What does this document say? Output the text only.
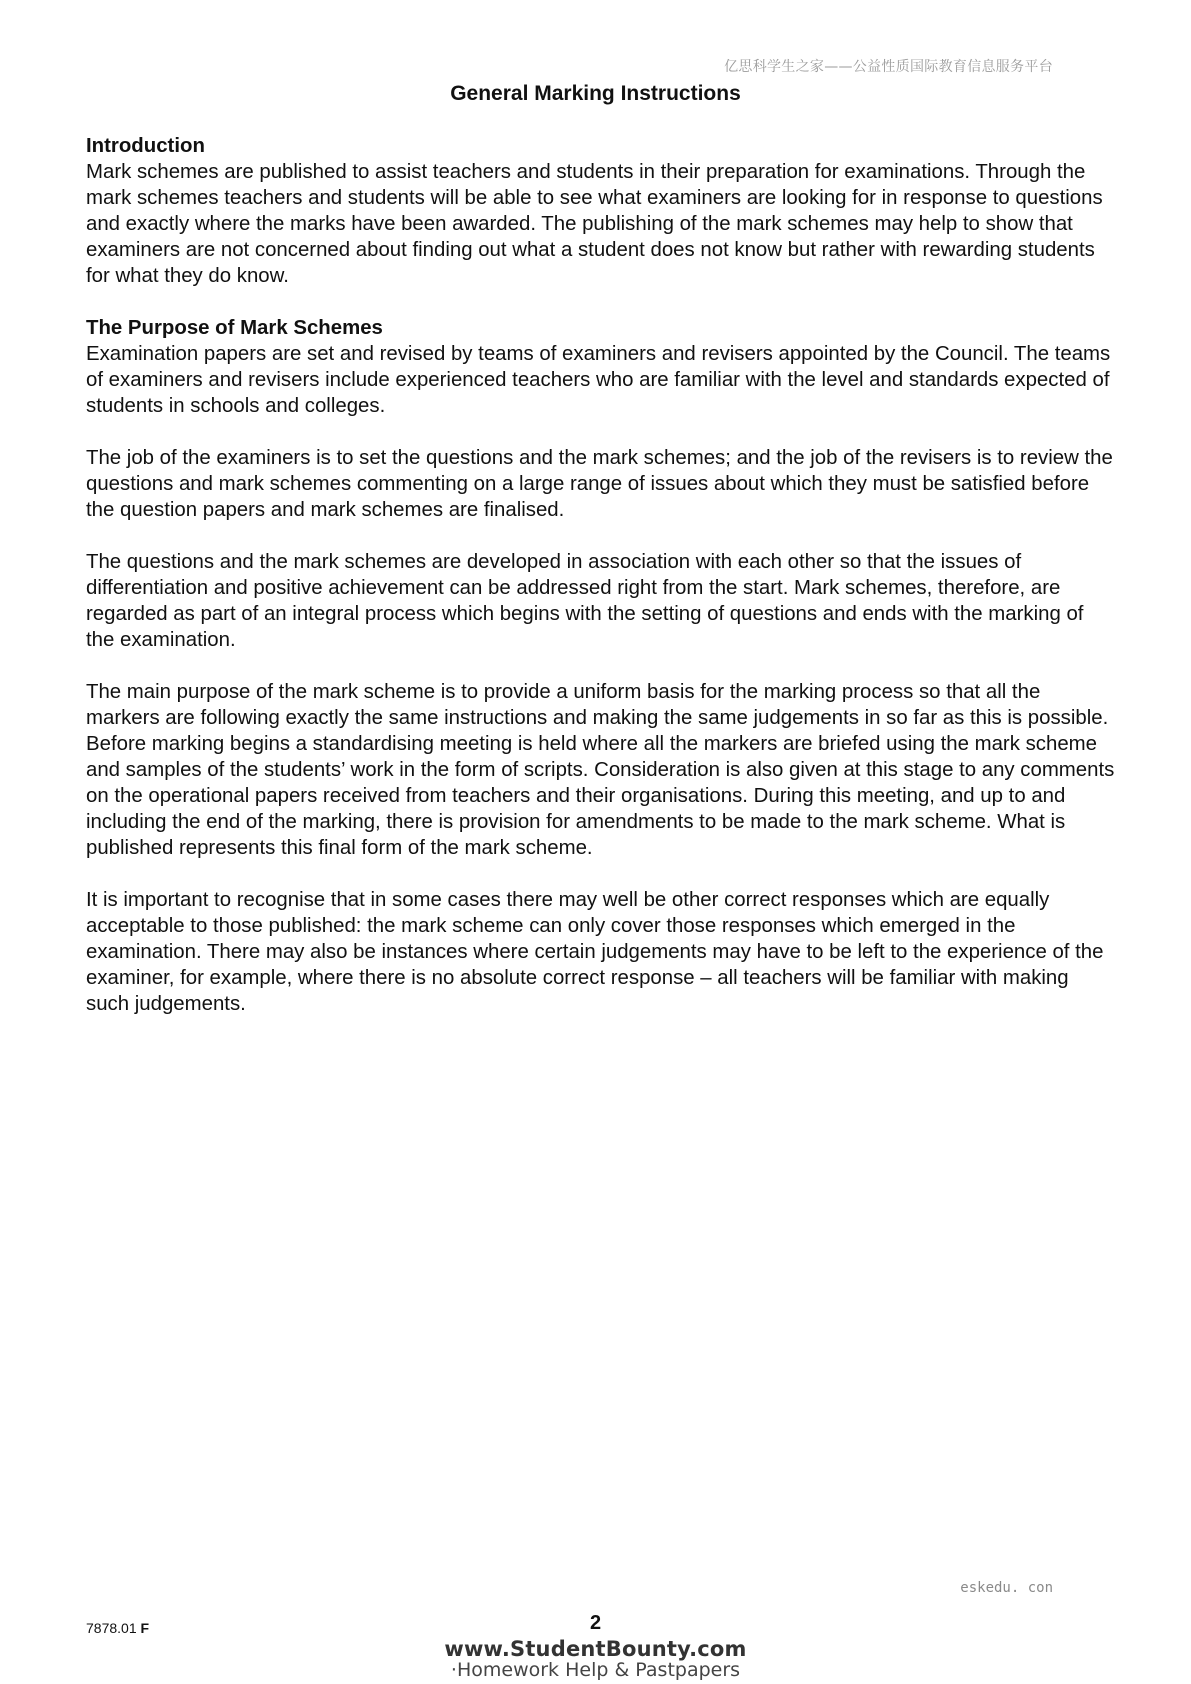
亿思科学生之家——公益性质国际教育信息服务平台
General Marking Instructions

Introduction

Mark schemes are published to assist teachers and students in their preparation for examinations. Through the mark schemes teachers and students will be able to see what examiners are looking for in response to questions and exactly where the marks have been awarded. The publishing of the mark schemes may help to show that examiners are not concerned about finding out what a student does not know but rather with rewarding students for what they do know.

The Purpose of Mark Schemes

Examination papers are set and revised by teams of examiners and revisers appointed by the Council. The teams of examiners and revisers include experienced teachers who are familiar with the level and standards expected of students in schools and colleges.

The job of the examiners is to set the questions and the mark schemes; and the job of the revisers is to review the questions and mark schemes commenting on a large range of issues about which they must be satisfied before the question papers and mark schemes are finalised.

The questions and the mark schemes are developed in association with each other so that the issues of differentiation and positive achievement can be addressed right from the start. Mark schemes, therefore, are regarded as part of an integral process which begins with the setting of questions and ends with the marking of the examination.

The main purpose of the mark scheme is to provide a uniform basis for the marking process so that all the markers are following exactly the same instructions and making the same judgements in so far as this is possible. Before marking begins a standardising meeting is held where all the markers are briefed using the mark scheme and samples of the students’ work in the form of scripts. Consideration is also given at this stage to any comments on the operational papers received from teachers and their organisations. During this meeting, and up to and including the end of the marking, there is provision for amendments to be made to the mark scheme. What is published represents this final form of the mark scheme.

It is important to recognise that in some cases there may well be other correct responses which are equally acceptable to those published: the mark scheme can only cover those responses which emerged in the examination. There may also be instances where certain judgements may have to be left to the experience of the examiner, for example, where there is no absolute correct response – all teachers will be familiar with making such judgements.

eskedu. con
7878.01 F	2
www.StudentBounty.com
·Homework Help & Pastpapers
